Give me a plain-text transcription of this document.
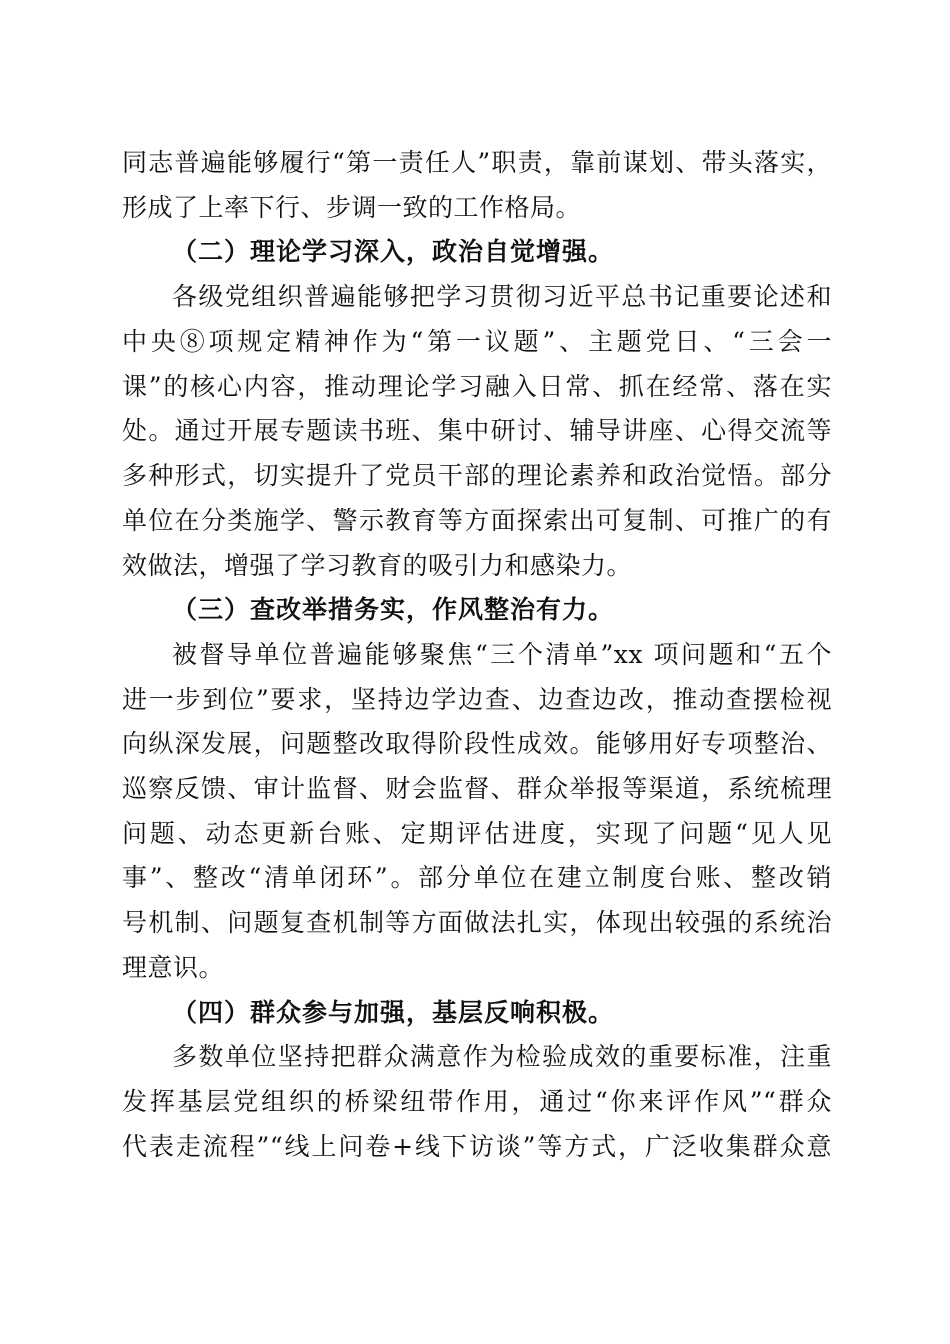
同志普遍能够履行“第一责任人”职责，靠前谋划、带头落实，
形成了上率下行、步调一致的工作格局。
（二）理论学习深入，政治自觉增强。
各级党组织普遍能够把学习贯彻习近平总书记重要论述和
中央⑧项规定精神作为“第一议题”、主题党日、“三会一
课”的核心内容，推动理论学习融入日常、抓在经常、落在实
处。通过开展专题读书班、集中研讨、辅导讲座、心得交流等
多种形式，切实提升了党员干部的理论素养和政治觉悟。部分
单位在分类施学、警示教育等方面探索出可复制、可推广的有
效做法，增强了学习教育的吸引力和感染力。
（三）查改举措务实，作风整治有力。
被督导单位普遍能够聚焦“三个清单”xx 项问题和“五个
进一步到位”要求，坚持边学边查、边查边改，推动查摆检视
向纵深发展，问题整改取得阶段性成效。能够用好专项整治、
巡察反馈、审计监督、财会监督、群众举报等渠道，系统梳理
问题、动态更新台账、定期评估进度，实现了问题“见人见
事”、整改“清单闭环”。部分单位在建立制度台账、整改销
号机制、问题复查机制等方面做法扎实，体现出较强的系统治
理意识。
（四）群众参与加强，基层反响积极。
多数单位坚持把群众满意作为检验成效的重要标准，注重
发挥基层党组织的桥梁纽带作用，通过“你来评作风”“群众
代表走流程”“线上问卷+线下访谈”等方式，广泛收集群众意
